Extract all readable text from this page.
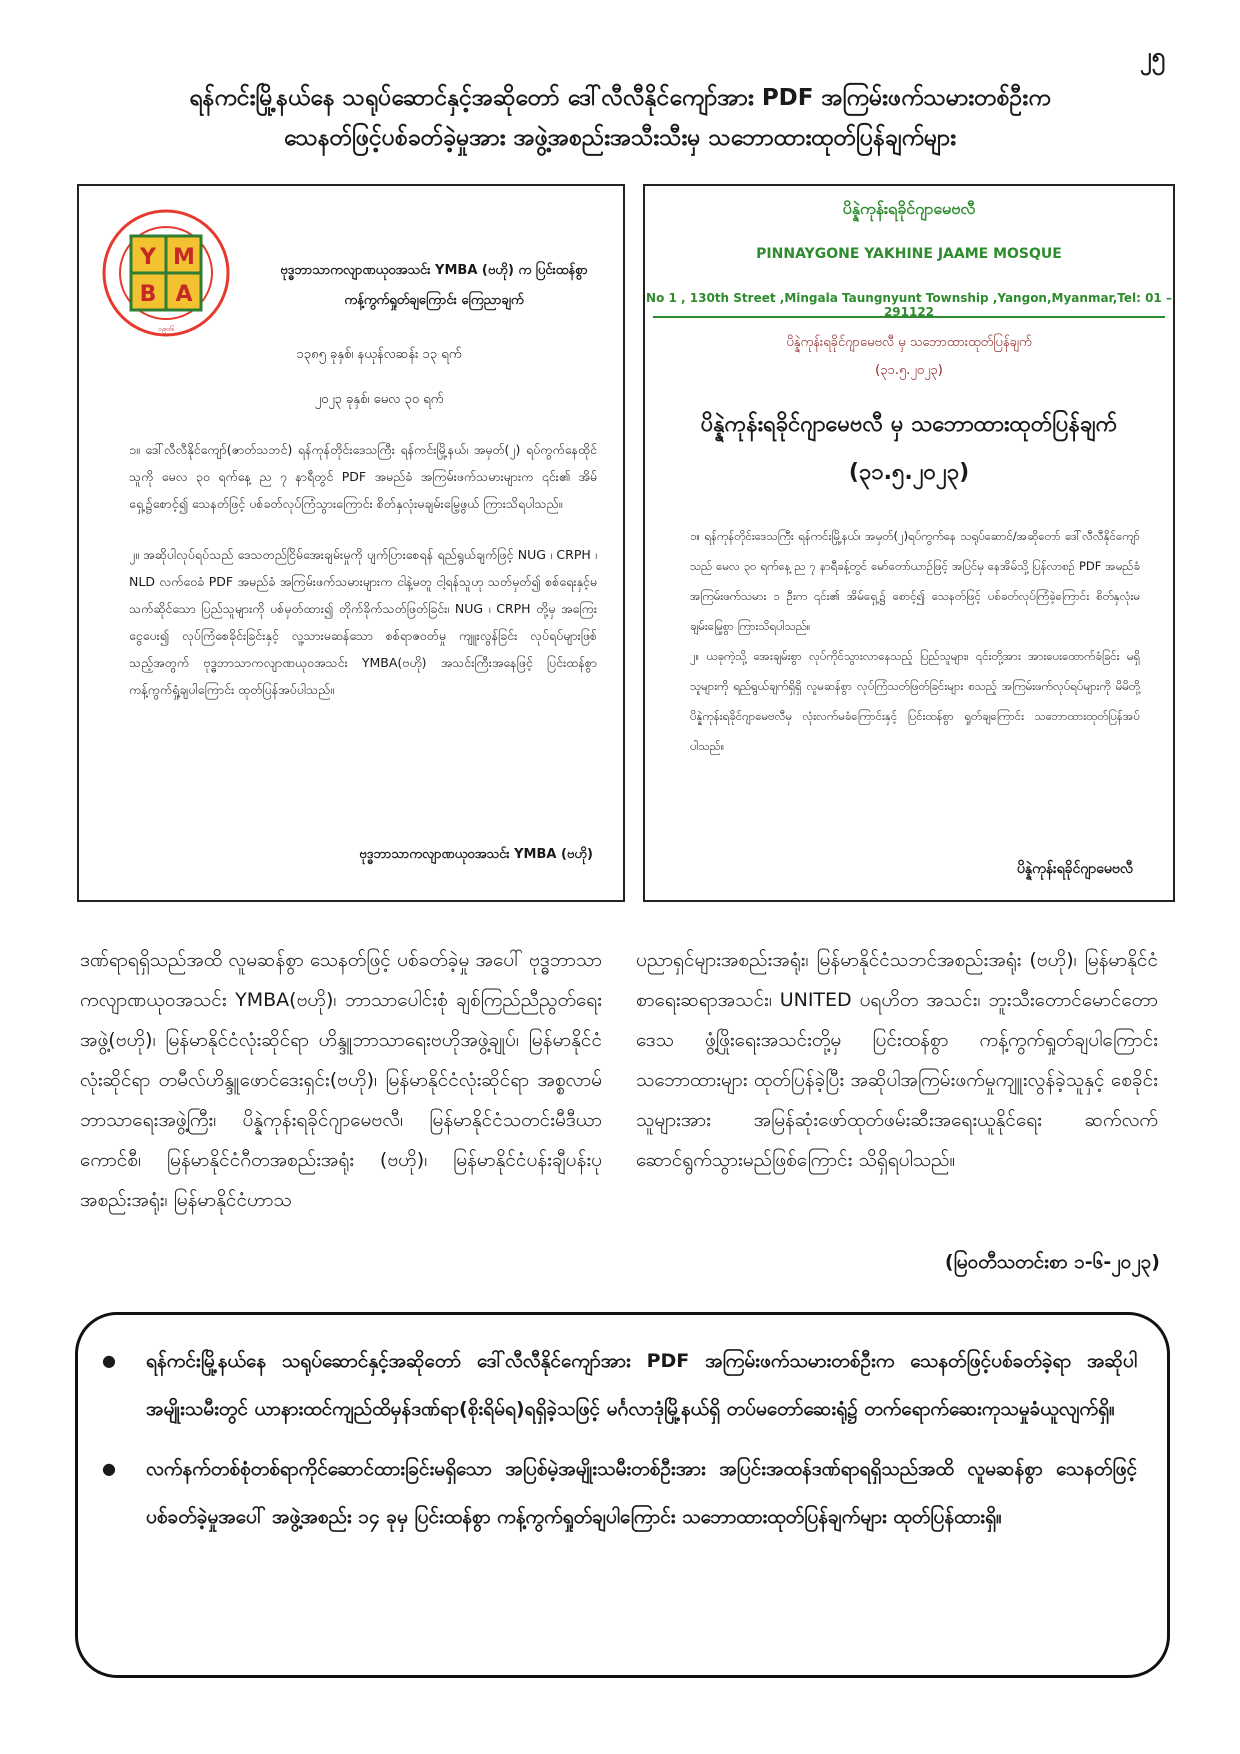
၂၅
ရန်ကင်းမြို့နယ်နေ သရုပ်ဆောင်နှင့်အဆိုတော် ဒေါ်လီလီနိုင်ကျော်အား PDF အကြမ်းဖက်သမားတစ်ဦးက
သေနတ်ဖြင့်ပစ်ခတ်ခဲ့မှုအား အဖွဲ့အစည်းအသီးသီးမှ သဘောထားထုတ်ပြန်ချက်များ
Y M
B A
၁၉၀၆
ဗုဒ္ဓဘာသာကလျာဏယုဝအသင်း YMBA (ဗဟို) က ပြင်းထန်စွာ
ကန့်ကွက်ရှုတ်ချကြောင်း ကြေညာချက်
၁၃၈၅ ခုနှစ်၊ နယုန်လဆန်း ၁၃ ရက်
၂၀၂၃ ခုနှစ်၊ မေလ ၃၀ ရက်
၁။ ဒေါ်လီလီနိုင်ကျော်(ဇာတ်သဘင်) ရန်ကုန်တိုင်းဒေသကြီး ရန်ကင်းမြို့နယ်၊ အမှတ်(၂) ရပ်ကွက်နေထိုင်သူကို မေလ ၃၀ ရက်နေ့ ည ၇ နာရီတွင် PDF အမည်ခံ အကြမ်းဖက်သမားများက ၎င်း၏ အိမ်ရှေ့၌စောင့်၍ သေနတ်ဖြင့် ပစ်ခတ်လုပ်ကြံသွားကြောင်း စိတ်နှလုံးမချမ်းမြေ့ဖွယ် ကြားသိရပါသည်။
၂။ အဆိုပါလုပ်ရပ်သည် ဒေသတည်ငြိမ်အေးချမ်းမှုကို ပျက်ပြားစေရန် ရည်ရွယ်ချက်ဖြင့် NUG ၊ CRPH ၊ NLD လက်ဝေခံ PDF အမည်ခံ အကြမ်းဖက်သမားများက ငါနဲ့မတူ ငါ့ရန်သူဟု သတ်မှတ်၍ စစ်ရေးနှင့်မသက်ဆိုင်သော ပြည်သူများကို ပစ်မှတ်ထား၍ တိုက်ခိုက်သတ်ဖြတ်ခြင်း၊ NUG ၊ CRPH တို့မှ အကြေးငွေပေး၍ လုပ်ကြံစေခိုင်းခြင်းနှင့် လူ့သားမဆန်သော စစ်ရာဇဝတ်မှု ကျူးလွန်ခြင်း လုပ်ရပ်များဖြစ်သည့်အတွက် ဗုဒ္ဓဘာသာကလျာဏယုဝအသင်း YMBA(ဗဟို) အသင်းကြီးအနေဖြင့် ပြင်းထန်စွာကန့်ကွက်ရှုံ့ချပါကြောင်း ထုတ်ပြန်အပ်ပါသည်။
ဗုဒ္ဓဘာသာကလျာဏယုဝအသင်း YMBA (ဗဟို)
ပိန္နဲကုန်းရခိုင်ဂျာမေဗလီ
PINNAYGONE YAKHINE JAAME MOSQUE
No 1 , 130th Street ,Mingala Taungnyunt Township ,Yangon,Myanmar,Tel: 01 – 291122
ပိန္နဲကုန်းရခိုင်ဂျာမေဗလီ မှ သဘောထားထုတ်ပြန်ချက်
(၃၁.၅.၂၀၂၃)
ပိန္နဲကုန်းရခိုင်ဂျာမေဗလီ မှ သဘောထားထုတ်ပြန်ချက်
(၃၁.၅.၂၀၂၃)
၁။ ရန်ကုန်တိုင်းဒေသကြီး ရန်ကင်းမြို့နယ်၊ အမှတ်(၂)ရပ်ကွက်နေ သရုပ်ဆောင်/အဆိုတော် ဒေါ်လီလီနိုင်ကျော် သည် မေလ ၃၀ ရက်နေ့ ည ၇ နာရီခန့်တွင် မော်တော်ယာဉ်ဖြင့် အပြင်မှ နေအိမ်သို့ ပြန်လာစဉ် PDF အမည်ခံအကြမ်းဖက်သမား ၁ ဦးက ၎င်း၏ အိမ်ရှေ့၌ စောင့်၍ သေနတ်ဖြင့် ပစ်ခတ်လုပ်ကြံခဲ့ကြောင်း စိတ်နှလုံးမချမ်းမြေ့စွာ ကြားသိရပါသည်။
၂။ ယခုကဲ့သို့ အေးချမ်းစွာ လုပ်ကိုင်သွားလာနေသည့် ပြည်သူများ၊ ၎င်းတို့အား အားပေးထောက်ခံခြင်း မရှိသူများကို ရည်ရွယ်ချက်ရှိရှိ လူမဆန်စွာ လုပ်ကြံသတ်ဖြတ်ခြင်းများ စသည့် အကြမ်းဖက်လုပ်ရပ်များကို မိမိတို့ ပိန္နဲကုန်းရခိုင်ဂျာမေဗလီမှ လုံးလက်မခံကြောင်းနှင့် ပြင်းထန်စွာ ရှုတ်ချကြောင်း သဘောထားထုတ်ပြန်အပ်ပါသည်။
ပိန္နဲကုန်းရခိုင်ဂျာမေဗလီ
ဒဏ်ရာရရှိသည်အထိ လူမဆန်စွာ သေနတ်ဖြင့် ပစ်ခတ်ခဲ့မှု အပေါ် ဗုဒ္ဓဘာသာကလျာဏယုဝအသင်း YMBA(ဗဟို)၊ ဘာသာပေါင်းစုံ ချစ်ကြည်ညီညွတ်ရေးအဖွဲ့(ဗဟို)၊ မြန်မာနိုင်ငံလုံးဆိုင်ရာ ဟိန္ဒူဘာသာရေးဗဟိုအဖွဲ့ချုပ်၊ မြန်မာနိုင်ငံလုံးဆိုင်ရာ တမီလ်ဟိန္ဒူဖောင်ဒေးရှင်း(ဗဟို)၊ မြန်မာနိုင်ငံလုံးဆိုင်ရာ အစ္စလာမ်ဘာသာရေးအဖွဲ့ကြီး၊ ပိန္နဲကုန်းရခိုင်ဂျာမေဗလီ၊ မြန်မာနိုင်ငံသတင်းမီဒီယာကောင်စီ၊ မြန်မာနိုင်ငံဂီတအစည်းအရုံး (ဗဟို)၊ မြန်မာနိုင်ငံပန်းချီပန်းပုအစည်းအရုံး၊ မြန်မာနိုင်ငံဟာသ
ပညာရှင်များအစည်းအရုံး၊ မြန်မာနိုင်ငံသဘင်အစည်းအရုံး (ဗဟို)၊ မြန်မာနိုင်ငံစာရေးဆရာအသင်း၊ UNITED ပရဟိတ အသင်း၊ ဘူးသီးတောင်မောင်တောဒေသ ဖွံ့ဖြိုးရေးအသင်းတို့မှ ပြင်းထန်စွာ ကန့်ကွက်ရှုတ်ချပါကြောင်း သဘောထားများ ထုတ်ပြန်ခဲ့ပြီး အဆိုပါအကြမ်းဖက်မှုကျူးလွန်ခဲ့သူနှင့် စေခိုင်းသူများအား အမြန်ဆုံးဖော်ထုတ်ဖမ်းဆီးအရေးယူနိုင်ရေး ဆက်လက်ဆောင်ရွက်သွားမည်ဖြစ်ကြောင်း သိရှိရပါသည်။
(မြဝတီသတင်းစာ ၁-၆-၂၀၂၃)
● ရန်ကင်းမြို့နယ်နေ သရုပ်ဆောင်နှင့်အဆိုတော် ဒေါ်လီလီနိုင်ကျော်အား PDF အကြမ်းဖက်သမားတစ်ဦးက သေနတ်ဖြင့်ပစ်ခတ်ခဲ့ရာ အဆိုပါအမျိုးသမီးတွင် ယာနားထင်ကျည်ထိမှန်ဒဏ်ရာ(စိုးရိမ်ရ)ရရှိခဲ့သဖြင့် မင်္ဂလာဒုံမြို့နယ်ရှိ တပ်မတော်ဆေးရုံ၌ တက်ရောက်ဆေးကုသမှုခံယူလျက်ရှိ။
● လက်နက်တစ်စုံတစ်ရာကိုင်ဆောင်ထားခြင်းမရှိသော အပြစ်မဲ့အမျိုးသမီးတစ်ဦးအား အပြင်းအထန်ဒဏ်ရာရရှိသည်အထိ လူမဆန်စွာ သေနတ်ဖြင့် ပစ်ခတ်ခဲ့မှုအပေါ် အဖွဲ့အစည်း ၁၄ ခုမှ ပြင်းထန်စွာ ကန့်ကွက်ရှုတ်ချပါကြောင်း သဘောထားထုတ်ပြန်ချက်များ ထုတ်ပြန်ထားရှိ။
